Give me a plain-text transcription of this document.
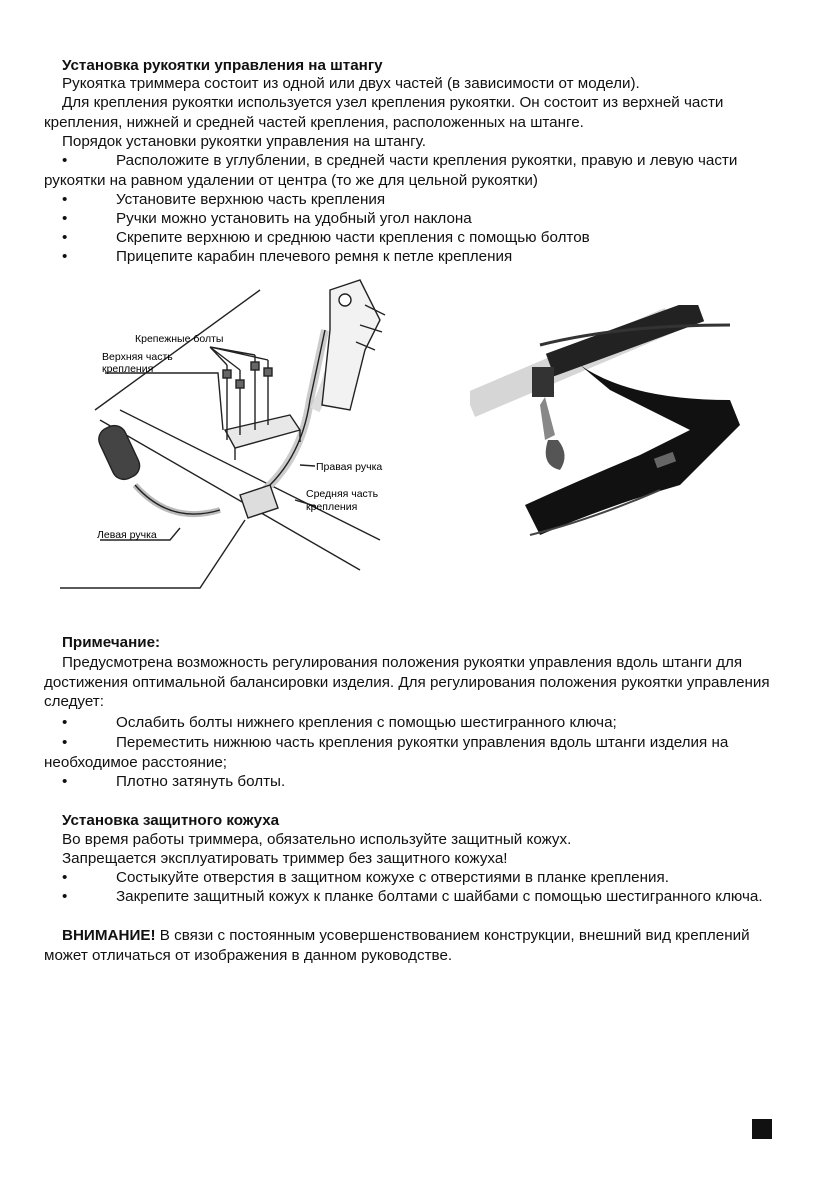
Установка рукоятки управления на штангу

Рукоятка триммера состоит из одной или двух частей (в зависимости от модели).

Для крепления рукоятки используется узел крепления рукоятки. Он состоит из верхней части крепления, нижней и средней частей крепления, расположенных на штанге.

Порядок установки рукоятки управления на штангу.

•	Расположите в углублении, в средней части крепления рукоятки, правую и левую части рукоятки на равном удалении от центра (то же для цельной рукоятки)
•	Установите верхнюю часть крепления
•	Ручки можно установить на удобный угол наклона
•	Скрепите верхнюю и среднюю части крепления с помощью болтов
•	Прицепите карабин плечевого ремня к петле крепления
Крепежные болты
Верхняя часть
крепления
Правая ручка
Средняя часть
крепления
Левая ручка

Примечание:

Предусмотрена возможность регулирования положения рукоятки управления вдоль штанги для достижения оптимальной балансировки изделия. Для регулирования положения рукоятки управления следует:

•	Ослабить болты нижнего крепления с помощью шестигранного ключа;
•	Переместить нижнюю часть крепления рукоятки управления вдоль штанги изделия на необходимое расстояние;
•	Плотно затянуть болты.

Установка защитного кожуха

Во время работы триммера, обязательно используйте защитный кожух.

Запрещается эксплуатировать триммер без защитного кожуха!

•	Состыкуйте отверстия в защитном кожухе с отверстиями в планке крепления.
•	Закрепите защитный кожух к планке болтами с шайбами с помощью шестигранного ключа.

ВНИМАНИЕ! В связи с постоянным усовершенствованием конструкции, внешний вид креплений может отличаться от изображения в данном руководстве.
